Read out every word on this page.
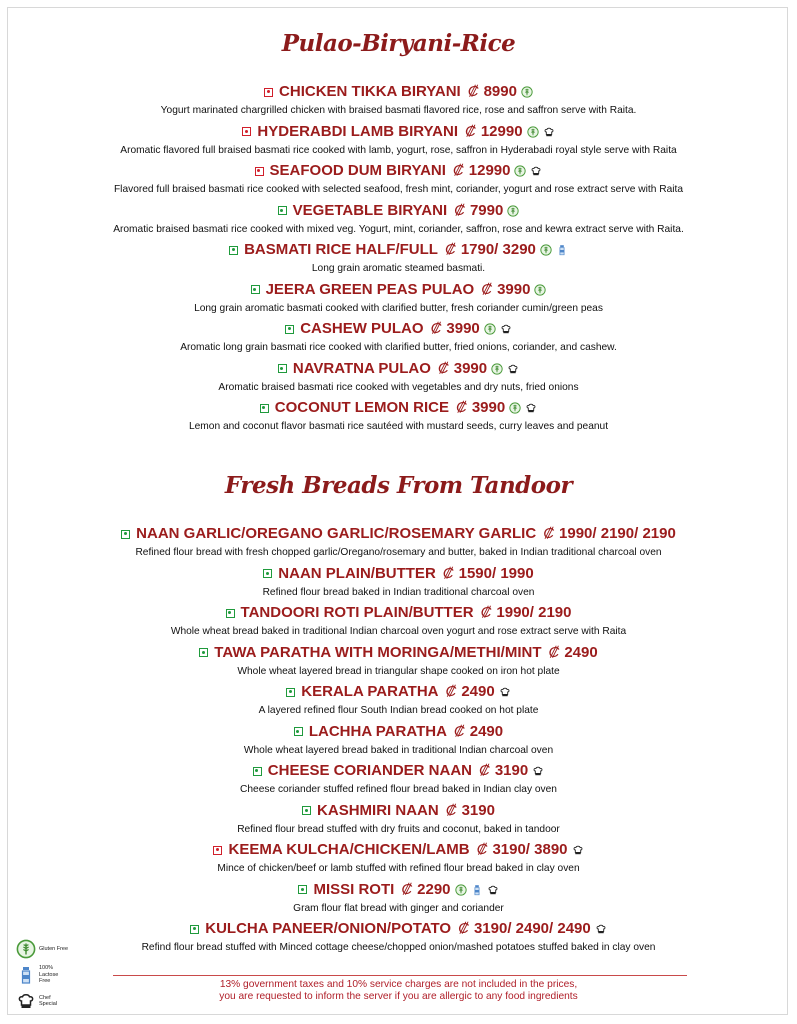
Pulao-Biryani-Rice
CHICKEN TIKKA BIRYANI ₡ 8990
Yogurt marinated chargrilled chicken with braised basmati flavored rice, rose and saffron serve with Raita.
HYDERABDI LAMB BIRYANI ₡ 12990
Aromatic flavored full braised basmati rice cooked with lamb, yogurt, rose, saffron in Hyderabadi royal style serve with Raita
SEAFOOD DUM BIRYANI ₡ 12990
Flavored full braised basmati rice cooked with selected seafood, fresh mint, coriander, yogurt and rose extract serve with Raita
VEGETABLE BIRYANI ₡ 7990
Aromatic braised basmati rice cooked with mixed veg. Yogurt, mint, coriander, saffron, rose and kewra extract serve with Raita.
BASMATI RICE HALF/FULL ₡ 1790/ 3290
Long grain aromatic steamed basmati.
JEERA GREEN PEAS PULAO ₡ 3990
Long grain aromatic basmati cooked with clarified butter, fresh coriander cumin/green peas
CASHEW PULAO ₡ 3990
Aromatic long grain basmati rice cooked with clarified butter, fried onions, coriander, and cashew.
NAVRATNA PULAO ₡ 3990
Aromatic braised basmati rice cooked with vegetables and dry nuts, fried onions
COCONUT LEMON RICE ₡ 3990
Lemon and coconut flavor basmati rice sautéed with mustard seeds, curry leaves and peanut
Fresh Breads From Tandoor
NAAN GARLIC/OREGANO GARLIC/ROSEMARY GARLIC ₡ 1990/ 2190/ 2190
Refined flour bread with fresh chopped garlic/Oregano/rosemary and butter, baked in Indian traditional charcoal oven
NAAN PLAIN/BUTTER ₡ 1590/ 1990
Refined flour bread baked in Indian traditional charcoal oven
TANDOORI ROTI PLAIN/BUTTER ₡ 1990/ 2190
Whole wheat bread baked in traditional Indian charcoal oven yogurt and rose extract serve with Raita
TAWA PARATHA WITH MORINGA/METHI/MINT ₡ 2490
Whole wheat layered bread in triangular shape cooked on iron hot plate
KERALA PARATHA ₡ 2490
A layered refined flour South Indian bread cooked on hot plate
LACHHA PARATHA ₡ 2490
Whole wheat layered bread baked in traditional Indian charcoal oven
CHEESE CORIANDER NAAN ₡ 3190
Cheese coriander stuffed refined flour bread baked in Indian clay oven
KASHMIRI NAAN ₡ 3190
Refined flour bread stuffed with dry fruits and coconut, baked in tandoor
KEEMA KULCHA/CHICKEN/LAMB ₡ 3190/ 3890
Mince of chicken/beef or lamb stuffed with refined flour bread baked in clay oven
MISSI ROTI ₡ 2290
Gram flour flat bread with ginger and coriander
KULCHA PANEER/ONION/POTATO ₡ 3190/ 2490/ 2490
Refind flour bread stuffed with Minced cottage cheese/chopped onion/mashed potatoes stuffed baked in clay oven
Gluten Free
100% Lactose Free
Chef Special
13% government taxes and 10% service charges are not included in the prices,
you are requested to inform the server if you are allergic to any food ingredients
